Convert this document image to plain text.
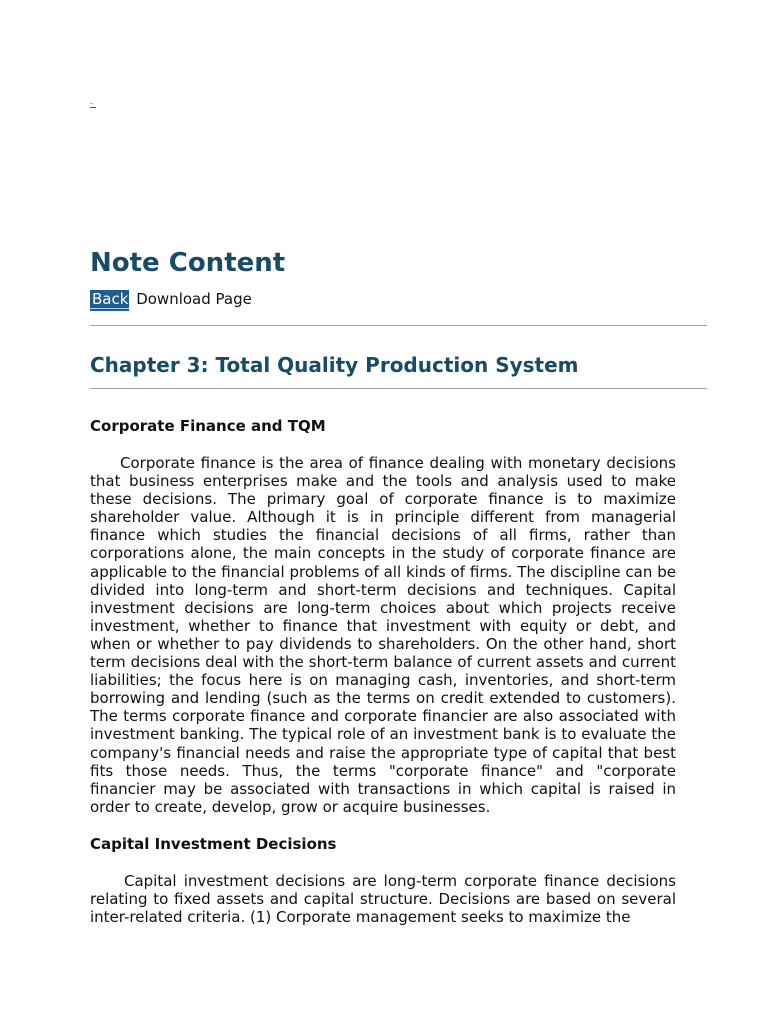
_
Note Content
Back Download Page
Chapter 3: Total Quality Production System
Corporate Finance and TQM

Corporate finance is the area of finance dealing with monetary decisions that business enterprises make and the tools and analysis used to make these decisions. The primary goal of corporate finance is to maximize shareholder value. Although it is in principle different from managerial finance which studies the financial decisions of all firms, rather than corporations alone, the main concepts in the study of corporate finance are applicable to the financial problems of all kinds of firms. The discipline can be divided into long-term and short-term decisions and techniques. Capital investment decisions are long-term choices about which projects receive investment, whether to finance that investment with equity or debt, and when or whether to pay dividends to shareholders. On the other hand, short term decisions deal with the short-term balance of current assets and current liabilities; the focus here is on managing cash, inventories, and short-term borrowing and lending (such as the terms on credit extended to customers). The terms corporate finance and corporate financier are also associated with investment banking. The typical role of an investment bank is to evaluate the company's financial needs and raise the appropriate type of capital that best fits those needs. Thus, the terms "corporate finance" and "corporate financier may be associated with transactions in which capital is raised in order to create, develop, grow or acquire businesses.

Capital Investment Decisions

Capital investment decisions are long-term corporate finance decisions relating to fixed assets and capital structure. Decisions are based on several inter-related criteria. (1) Corporate management seeks to maximize the
